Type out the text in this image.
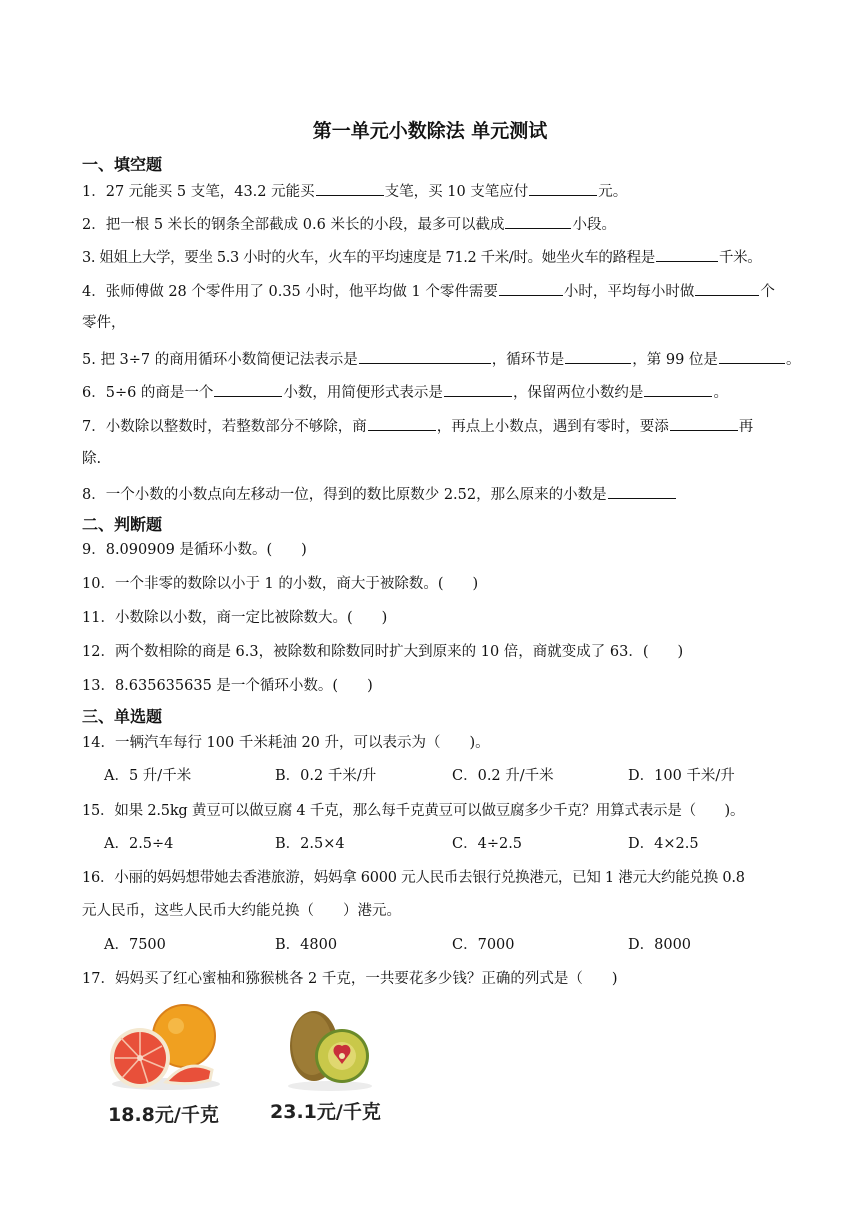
第一单元小数除法 单元测试
一、填空题
1．27 元能买 5 支笔，43.2 元能买	支笔，买 10 支笔应付	元。
2．把一根 5 米长的钢条全部截成 0.6 米长的小段，最多可以截成	小段。
3. 姐姐上大学，要坐 5.3 小时的火车，火车的平均速度是 71.2 千米/时。她坐火车的路程是	千米。
4．张师傅做 28 个零件用了 0.35 小时，他平均做 1 个零件需要	小时，平均每小时做	个
零件，
5. 把 3÷7 的商用循环小数简便记法表示是	，循环节是	，第 99 位是	。
6．5÷6 的商是一个	小数，用简便形式表示是	，保留两位小数约是	。
7．小数除以整数时，若整数部分不够除，商	，再点上小数点，遇到有零时，要添	再
除.
8．一个小数的小数点向左移动一位，得到的数比原数少 2.52，那么原来的小数是
二、判断题
9．8.090909 是循环小数。(　　)
10．一个非零的数除以小于 1 的小数，商大于被除数。(　　)
11．小数除以小数，商一定比被除数大。(　　)
12．两个数相除的商是 6.3，被除数和除数同时扩大到原来的 10 倍，商就变成了 63．(　　)
13．8.635635635 是一个循环小数。(　　)
三、单选题
14．一辆汽车每行 100 千米耗油 20 升，可以表示为（　　)。
A．5 升/千米	B．0.2 千米/升	C．0.2 升/千米	D．100 千米/升
15．如果 2.5kg 黄豆可以做豆腐 4 千克，那么每千克黄豆可以做豆腐多少千克？用算式表示是（　　)。
A．2.5÷4	B．2.5×4	C．4÷2.5	D．4×2.5
16．小丽的妈妈想带她去香港旅游，妈妈拿 6000 元人民币去银行兑换港元，已知 1 港元大约能兑换 0.8
元人民币，这些人民币大约能兑换（　　）港元。
A．7500	B．4800	C．7000	D．8000
17．妈妈买了红心蜜柚和猕猴桃各 2 千克，一共要花多少钱？正确的列式是（　　)
18.8元/千克	23.1元/千克
